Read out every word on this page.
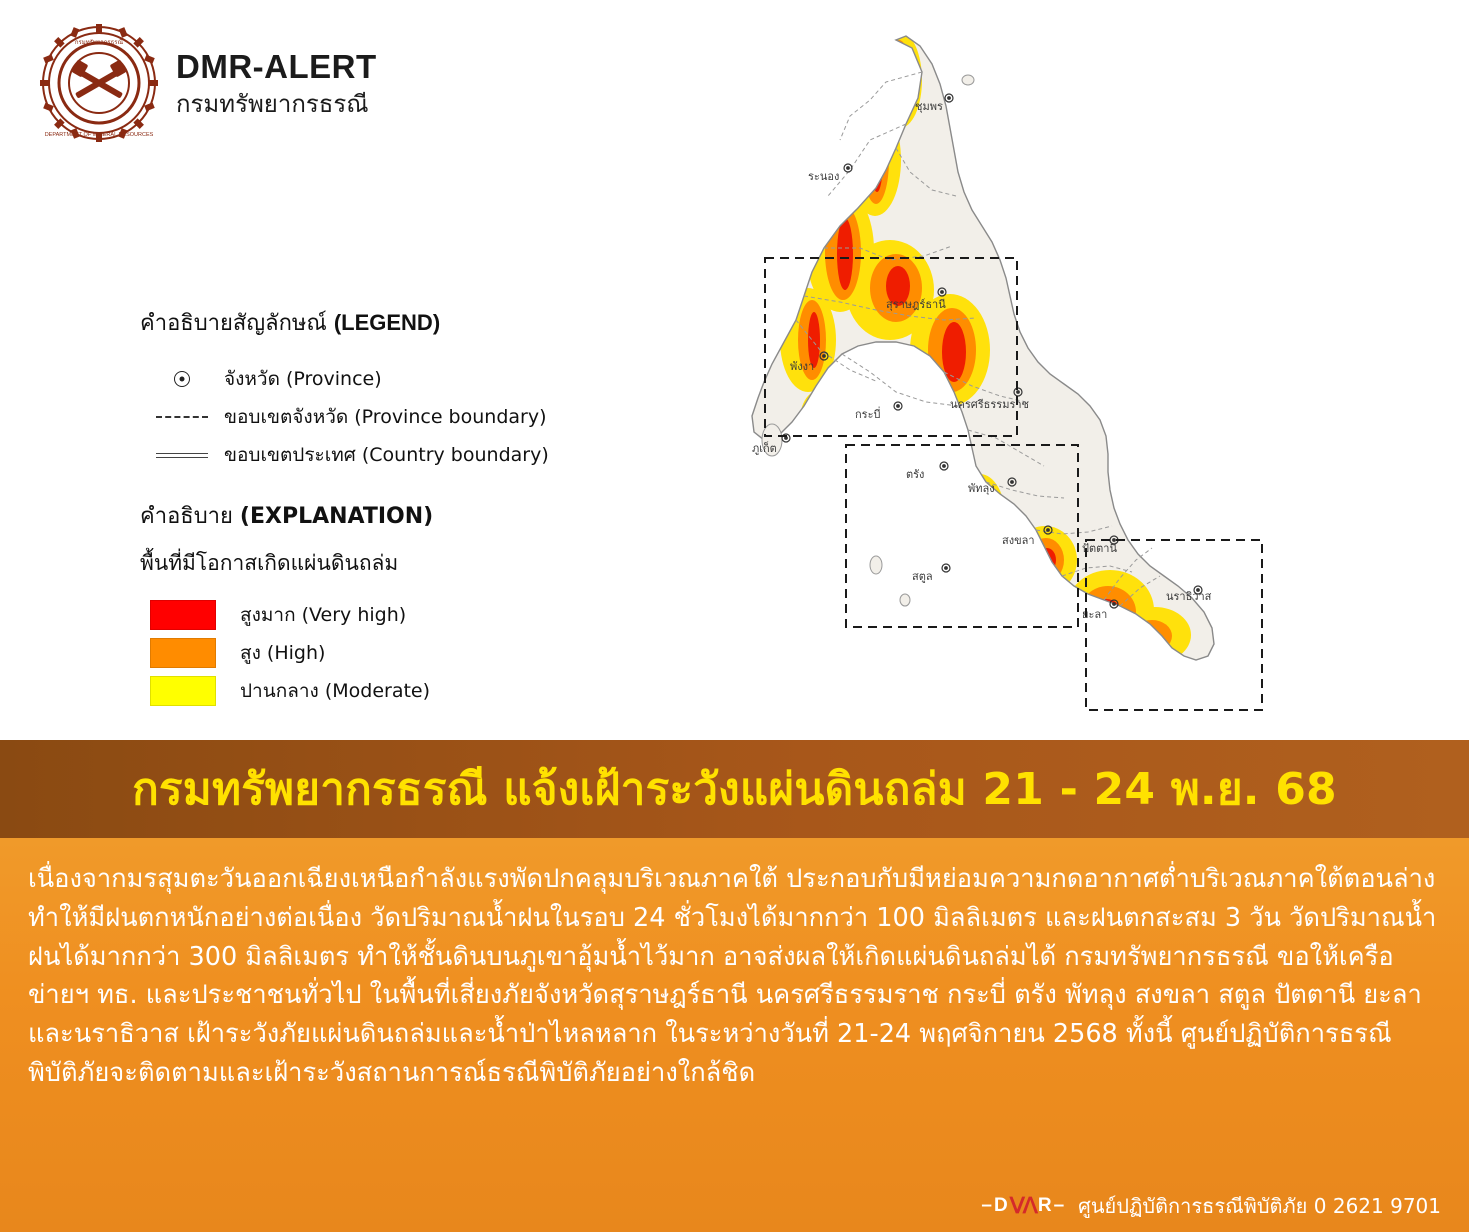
กรมทรัพยากรธรณี
DEPARTMENT OF MINERAL RESOURCES
DMR-ALERT
กรมทรัพยากรธรณี
คำอธิบายสัญลักษณ์ (LEGEND)
จังหวัด (Province)
ขอบเขตจังหวัด (Province boundary)
ขอบเขตประเทศ (Country boundary)
คำอธิบาย (EXPLANATION)
พื้นที่มีโอกาสเกิดแผ่นดินถล่ม
สูงมาก (Very high)
สูง (High)
ปานกลาง (Moderate)
ชุมพร
ระนอง
สุราษฎร์ธานี
พังงา
กระบี่
นครศรีธรรมราช
ภูเก็ต
ตรัง
พัทลุง
สงขลา
สตูล
ปัตตานี
ยะลา
นราธิวาส
กรมทรัพยากรธรณี แจ้งเฝ้าระวังแผ่นดินถล่ม 21 - 24 พ.ย. 68

เนื่องจากมรสุมตะวันออกเฉียงเหนือกำลังแรงพัดปกคลุมบริเวณภาคใต้ ประกอบกับมีหย่อมความกดอากาศต่ำบริเวณภาคใต้ตอนล่าง ทำให้มีฝนตกหนักอย่างต่อเนื่อง วัดปริมาณน้ำฝนในรอบ 24 ชั่วโมงได้มากกว่า 100 มิลลิเมตร และฝนตกสะสม 3 วัน วัดปริมาณน้ำฝนได้มากกว่า 300 มิลลิเมตร ทำให้ชั้นดินบนภูเขาอุ้มน้ำไว้มาก อาจส่งผลให้เกิดแผ่นดินถล่มได้ กรมทรัพยากรธรณี ขอให้เครือข่ายฯ ทธ. และประชาชนทั่วไป ในพื้นที่เสี่ยงภัยจังหวัดสุราษฎร์ธานี นครศรีธรรมราช กระบี่ ตรัง พัทลุง สงขลา สตูล ปัตตานี ยะลา และนราธิวาส เฝ้าระวังภัยแผ่นดินถล่มและน้ำป่าไหลหลาก ในระหว่างวันที่ 21-24 พฤศจิกายน 2568 ทั้งนี้ ศูนย์ปฏิบัติการธรณีพิบัติภัยจะติดตามและเฝ้าระวังสถานการณ์ธรณีพิบัติภัยอย่างใกล้ชิด

– D ᐯᐱ R – ศูนย์ปฏิบัติการธรณีพิบัติภัย 0 2621 9701
